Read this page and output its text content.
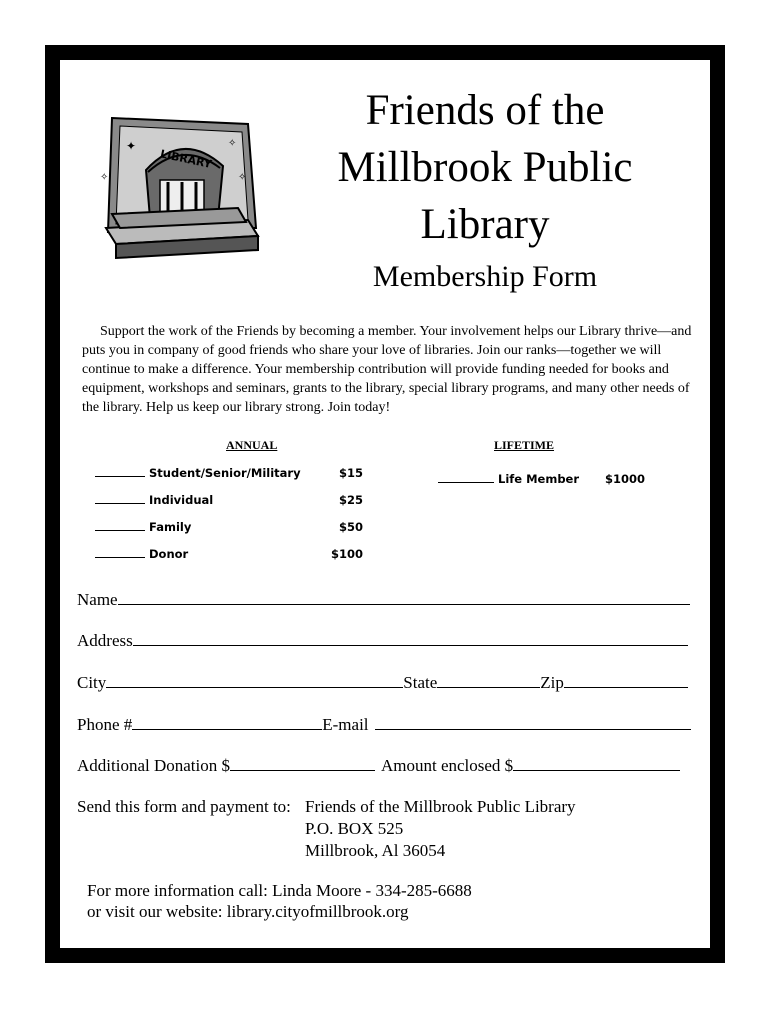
✦	✧
✧
✧
LIBRARY
Friends of the
Millbrook Public
Library
Membership Form

Support the work of the Friends by becoming a member. Your involvement helps our Library thrive—and puts you in company of good friends who share your love of libraries. Join our ranks—together we will continue to make a difference. Your membership contribution will provide funding needed for books and equipment, workshops and seminars, grants to the library, special library programs, and many other needs of the library. Help us keep our library strong. Join today!

ANNUAL	LIFETIME
Student/Senior/Military	$15
Individual	$25
Family	$50
Donor	$100
Life Member $1000
Name
Address
City	State	Zip
Phone #	E-mail
Additional Donation $	Amount enclosed $
Send this form and payment to: Friends of the Millbrook Public Library
P.O. BOX 525
Millbrook, Al 36054
For more information call: Linda Moore - 334-285-6688
or visit our website: library.cityofmillbrook.org
